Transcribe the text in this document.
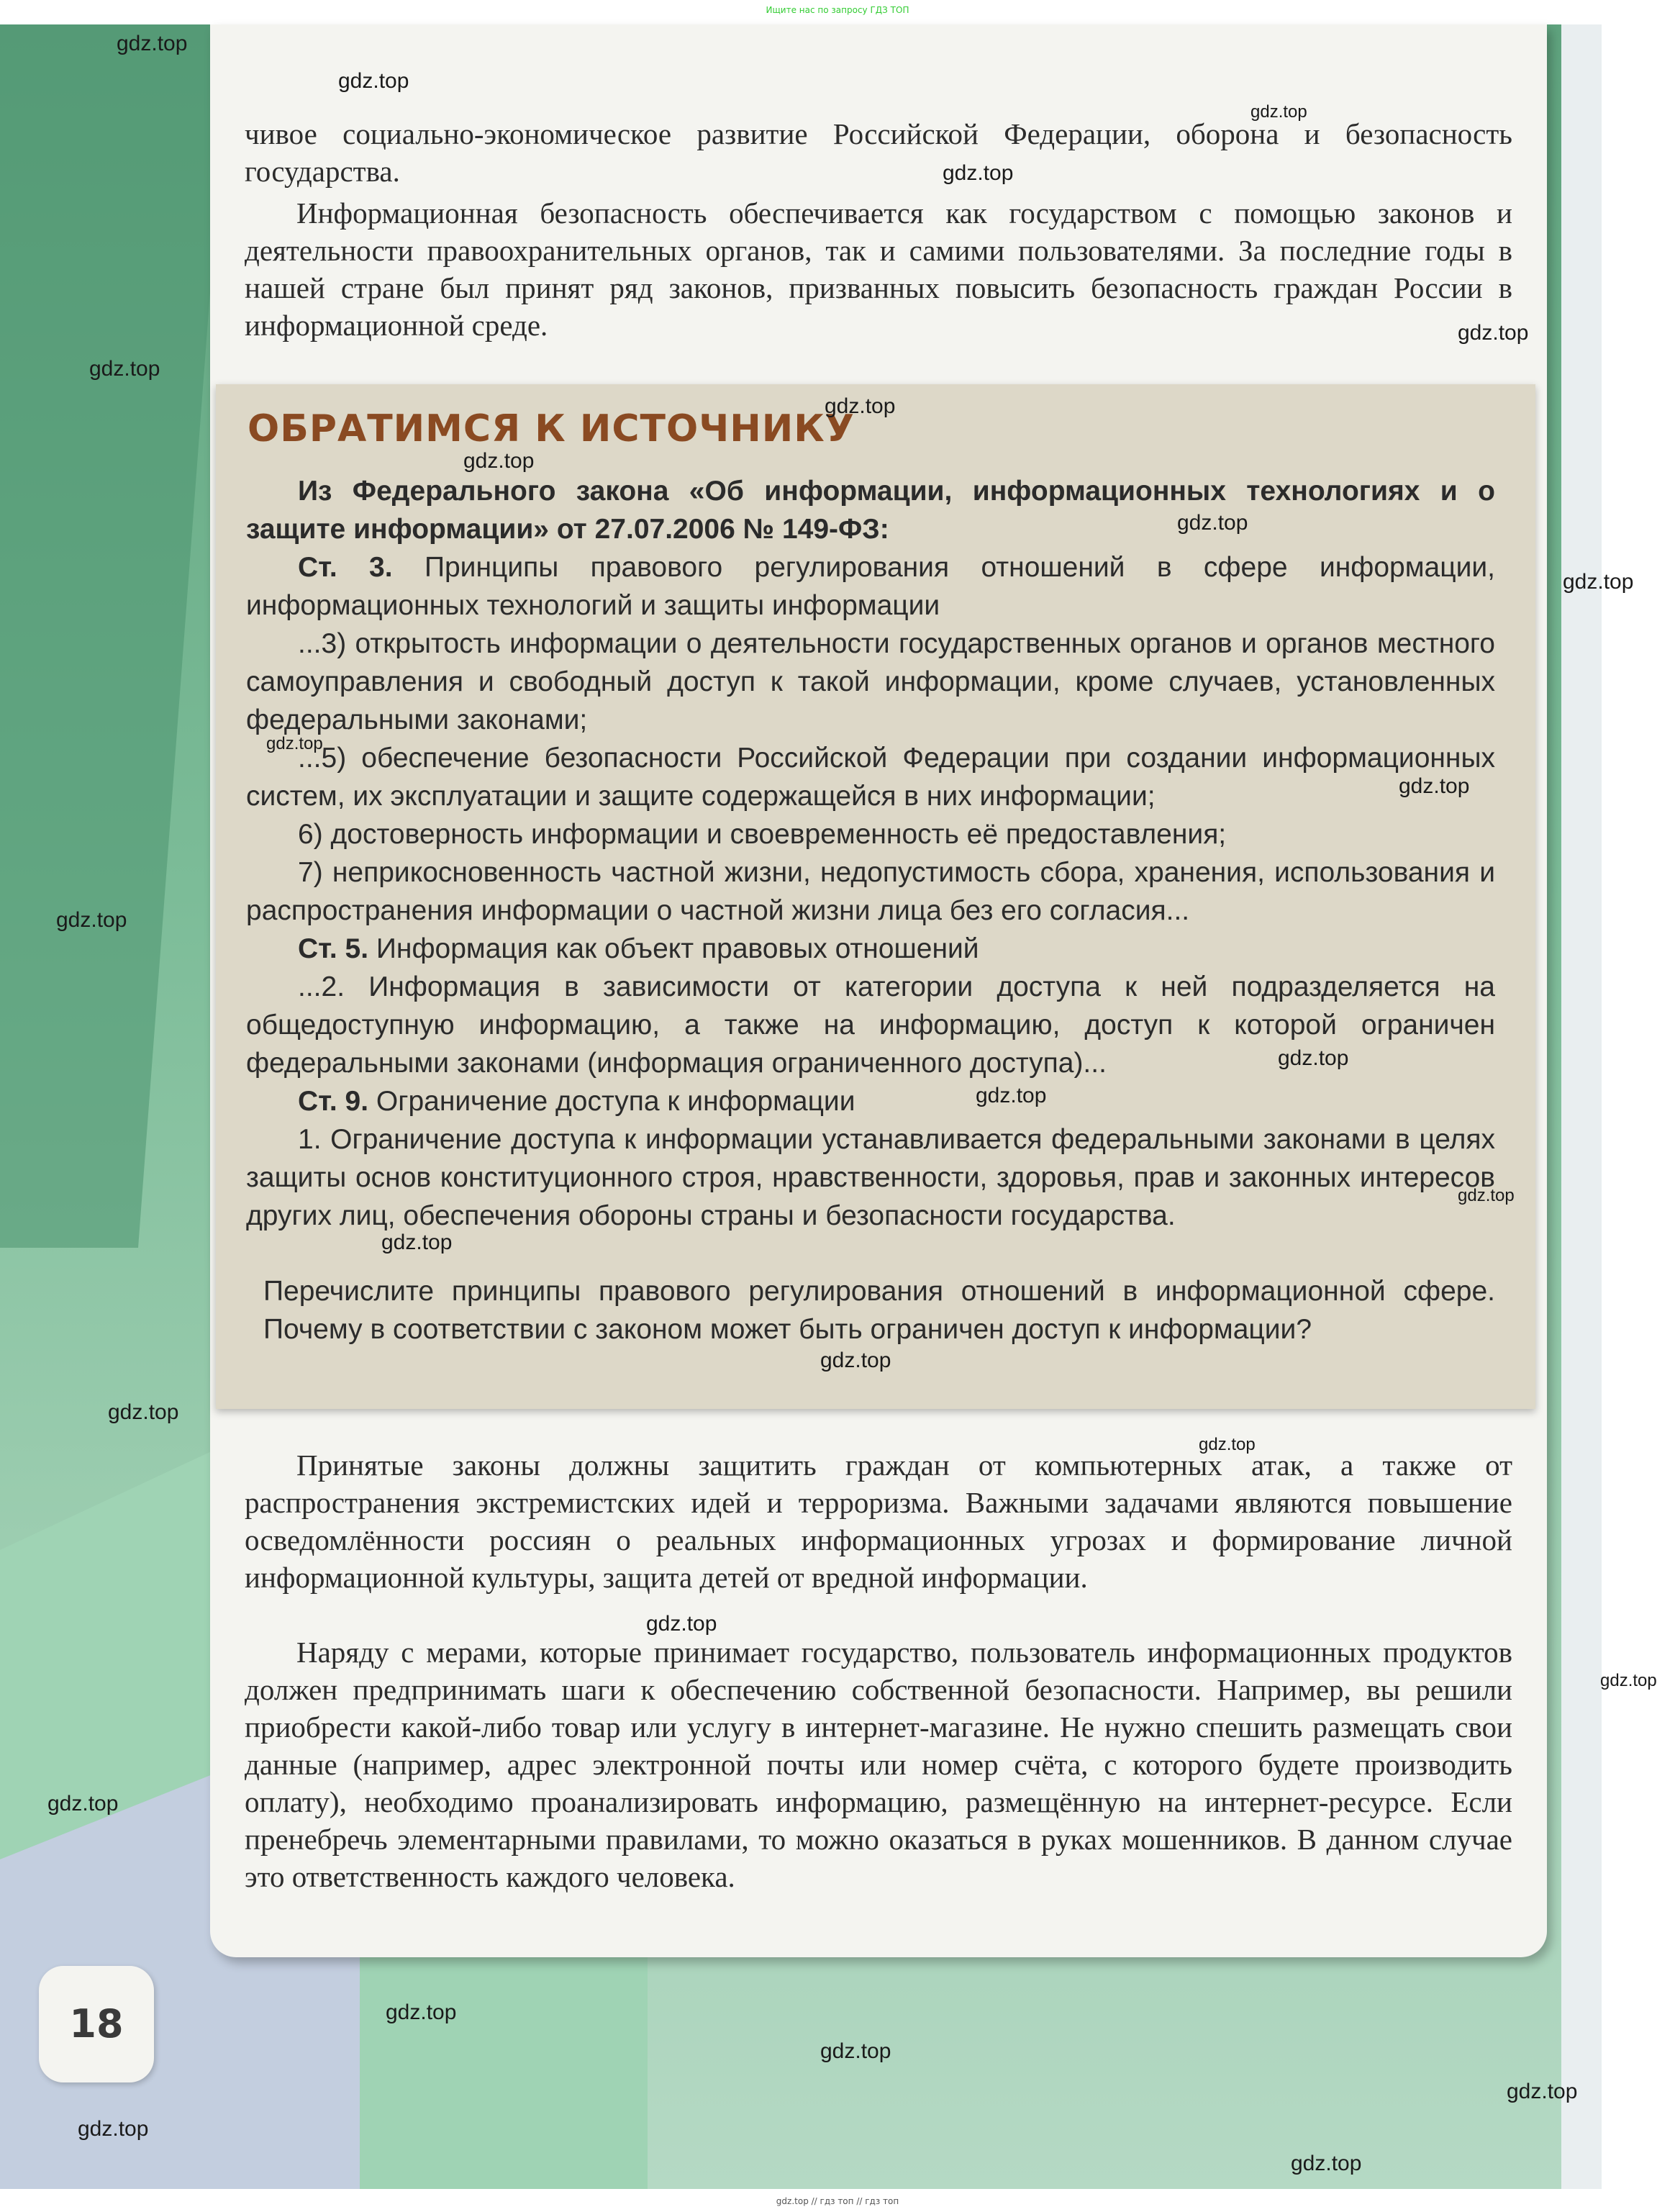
Ищите нас по запросу ГДЗ ТОП

чивое социально-экономическое развитие Российской Федерации, оборона и безопасность государства.

Информационная безопасность обеспечивается как государством с помощью законов и деятельности правоохранительных органов, так и самими пользователями. За последние годы в нашей стране был принят ряд законов, призванных повысить безопасность граждан России в информационной среде.

ОБРАТИМСЯ К ИСТОЧНИКУ

Из Федерального закона «Об информации, информационных технологиях и о защите информации» от 27.07.2006 № 149-ФЗ:

Ст. 3. Принципы правового регулирования отношений в сфере информации, информационных технологий и защиты информации

...3) открытость информации о деятельности государственных органов и органов местного самоуправления и свободный доступ к такой информации, кроме случаев, установленных федеральными законами;

...5) обеспечение безопасности Российской Федерации при создании информационных систем, их эксплуатации и защите содержащейся в них информации;

6) достоверность информации и своевременность её предоставления;

7) неприкосновенность частной жизни, недопустимость сбора, хранения, использования и распространения информации о частной жизни лица без его согласия...

Ст. 5. Информация как объект правовых отношений

...2. Информация в зависимости от категории доступа к ней подразделяется на общедоступную информацию, а также на информацию, доступ к которой ограничен федеральными законами (информация ограниченного доступа)...

Ст. 9. Ограничение доступа к информации

1. Ограничение доступа к информации устанавливается федеральными законами в целях защиты основ конституционного строя, нравственности, здоровья, прав и законных интересов других лиц, обеспечения обороны страны и безопасности государства.

Перечислите принципы правового регулирования отношений в информационной сфере. Почему в соответствии с законом может быть ограничен доступ к информации?

Принятые законы должны защитить граждан от компьютерных атак, а также от распространения экстремистских идей и терроризма. Важными задачами являются повышение осведомлённости россиян о реальных информационных угрозах и формирование личной информационной культуры, защита детей от вредной информации.

Наряду с мерами, которые принимает государство, пользователь информационных продуктов должен предпринимать шаги к обеспечению собственной безопасности. Например, вы решили приобрести какой-либо товар или услугу в интернет-магазине. Не нужно спешить размещать свои данные (например, адрес электронной почты или номер счёта, с которого будете производить оплату), необходимо проанализировать информацию, размещённую на интернет-ресурсе. Если пренебречь элементарными правилами, то можно оказаться в руках мошенников. В данном случае это ответственность каждого человека.

18
gdz.top
gdz.top
gdz.top
gdz.top
gdz.top
gdz.top
gdz.top
gdz.top
gdz.top
gdz.top
gdz.top
gdz.top
gdz.top
gdz.top
gdz.top
gdz.top
gdz.top
gdz.top
gdz.top
gdz.top
gdz.top
gdz.top
gdz.top
gdz.top
gdz.top
gdz.top
gdz.top
gdz.top
gdz.top // гдз топ // гдз топ
